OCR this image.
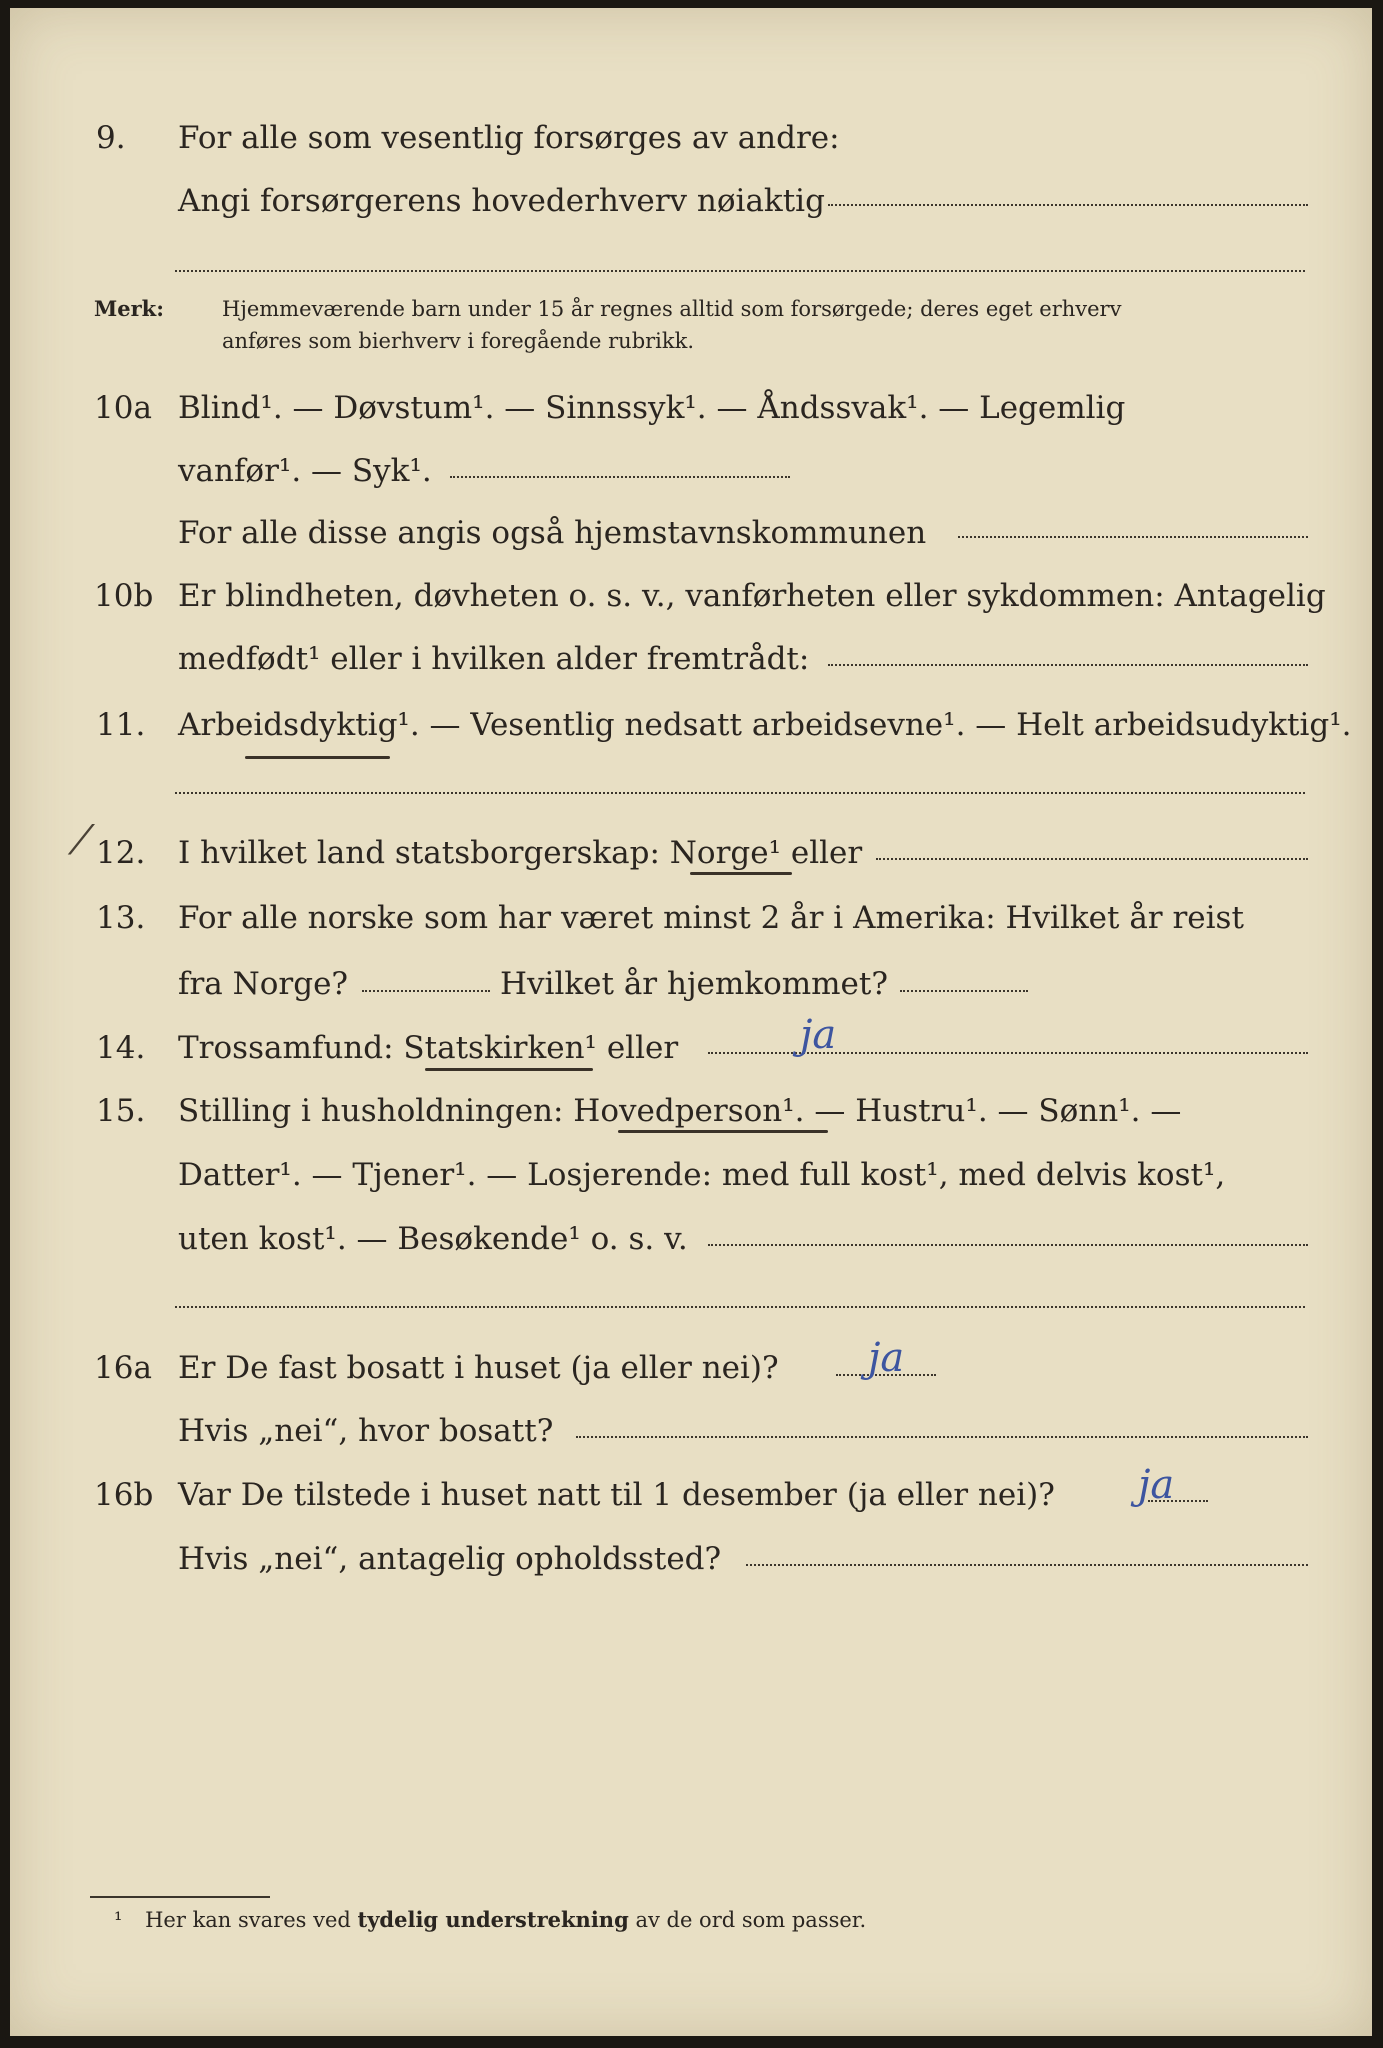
9. For alle som vesentlig forsørges av andre:
Angi forsørgerens hovederhverv nøiaktig
Merk:	Hjemmeværende barn under 15 år regnes alltid som forsørgede; deres eget erhverv
anføres som bierhverv i foregående rubrikk.
10a Blind¹. — Døvstum¹. — Sinnssyk¹. — Åndssvak¹. — Legemlig
vanfør¹. — Syk¹.
For alle disse angis også hjemstavnskommunen
10b Er blindheten, døvheten o. s. v., vanførheten eller sykdommen: Antagelig
medfødt¹ eller i hvilken alder fremtrådt:
11. Arbeidsdyktig¹. — Vesentlig nedsatt arbeidsevne¹. — Helt arbeidsudyktig¹.
⁄ 12. I hvilket land statsborgerskap: Norge¹ eller
13. For alle norske som har været minst 2 år i Amerika: Hvilket år reist
fra Norge?	Hvilket år hjemkommet?
14. Trossamfund: Statskirken¹ eller	ja
15. Stilling i husholdningen: Hovedperson¹. — Hustru¹. — Sønn¹. —
Datter¹. — Tjener¹. — Losjerende: med full kost¹, med delvis kost¹,
uten kost¹. — Besøkende¹ o. s. v.
16a Er De fast bosatt i huset (ja eller nei)? ja
Hvis „nei“, hvor bosatt?
16b Var De tilstede i huset natt til 1 desember (ja eller nei)? ja
Hvis „nei“, antagelig opholdssted?
¹ Her kan svares ved tydelig understrekning av de ord som passer.
